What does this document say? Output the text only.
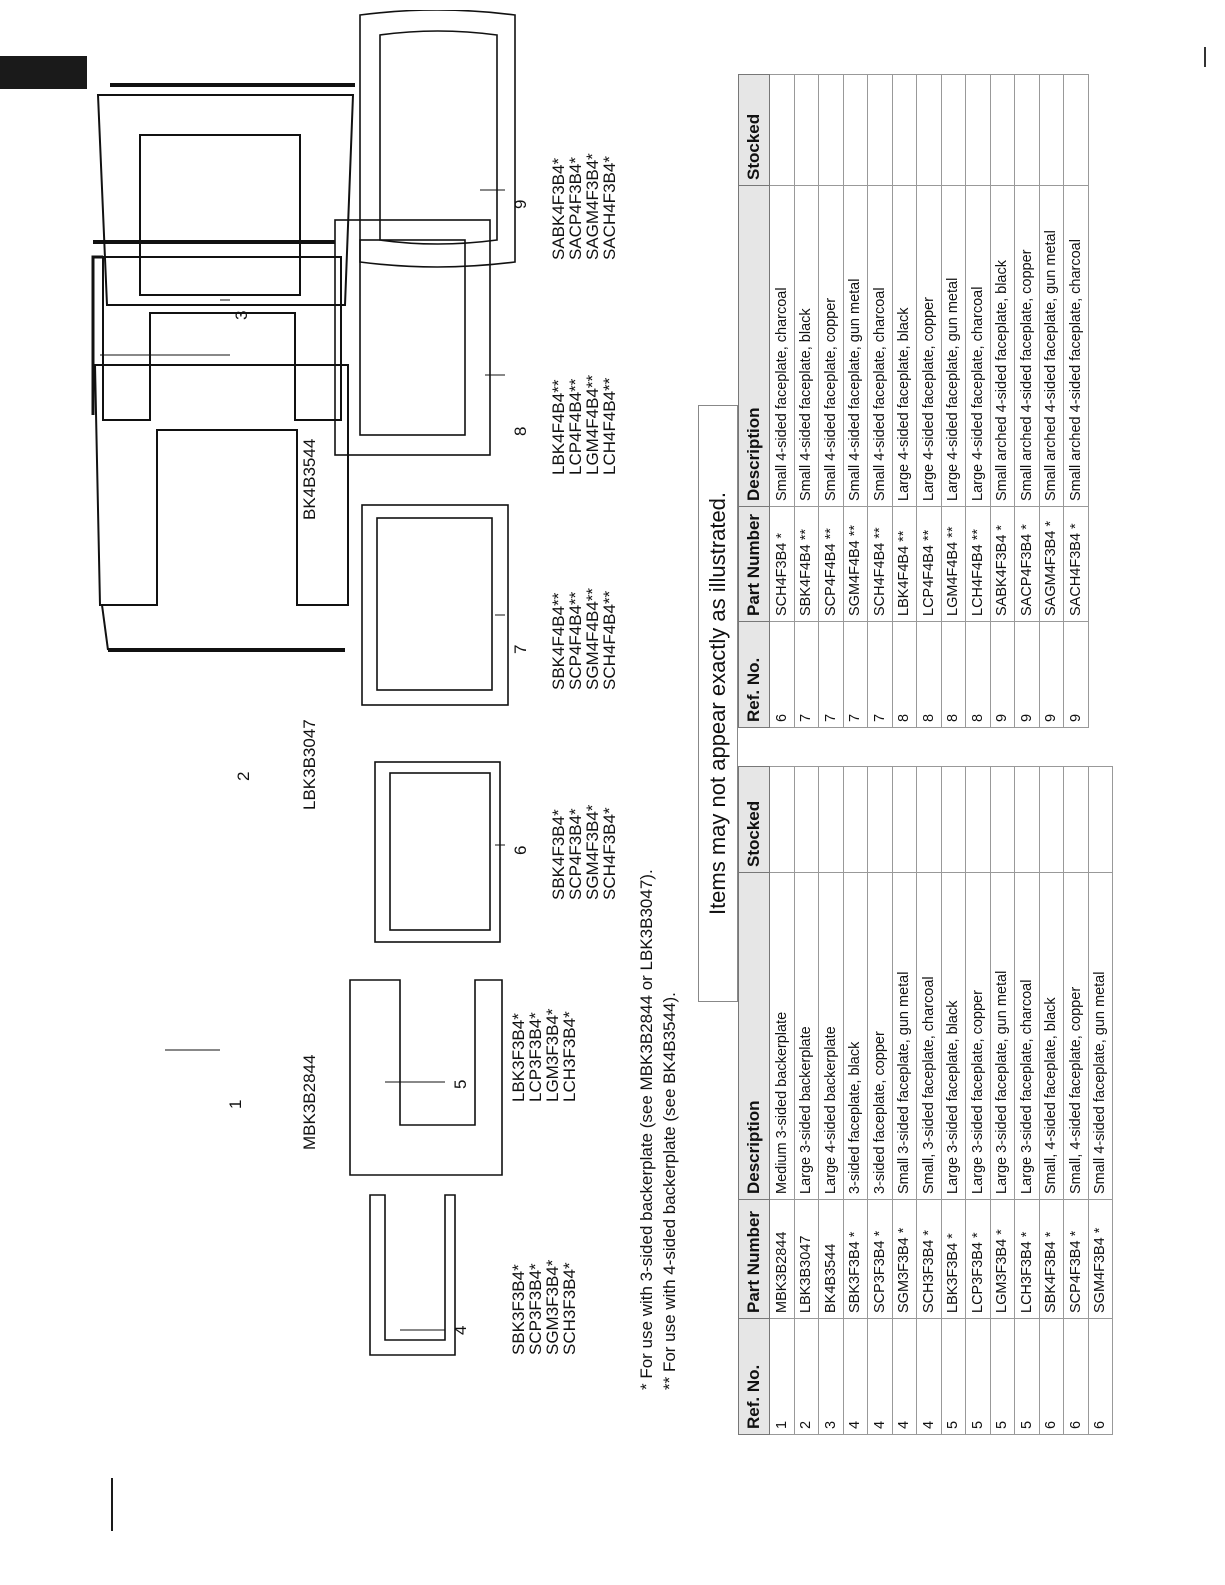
1
2
3
4
5
6
7
8
9
MBK3B2844
LBK3B3047
BK4B3544
SBK3F3B4*
SCP3F3B4*
SGM3F3B4*
SCH3F3B4*
LBK3F3B4*
LCP3F3B4*
LGM3F3B4*
LCH3F3B4*
SBK4F3B4*
SCP4F3B4*
SGM4F3B4*
SCH4F3B4*
SBK4F4B4**
SCP4F4B4**
SGM4F4B4**
SCH4F4B4**
LBK4F4B4**
LCP4F4B4**
LGM4F4B4**
LCH4F4B4**
SABK4F3B4*
SACP4F3B4*
SAGM4F3B4*
SACH4F3B4*
* For use with 3-sided backerplate (see MBK3B2844 or LBK3B3047). ** For use with 4-sided backerplate (see BK4B3544).
Items may not appear exactly as illustrated.
Ref. No.	Part Number	Description	Stocked
1	MBK3B2844	Medium 3-sided backerplate	
2	LBK3B3047	Large 3-sided backerplate	
3	BK4B3544	Large 4-sided backerplate	
4	SBK3F3B4 *	3-sided faceplate, black	
4	SCP3F3B4 *	3-sided faceplate, copper	
4	SGM3F3B4 *	Small 3-sided faceplate, gun metal	
4	SCH3F3B4 *	Small, 3-sided faceplate, charcoal	
5	LBK3F3B4 *	Large 3-sided faceplate, black	
5	LCP3F3B4 *	Large 3-sided faceplate, copper	
5	LGM3F3B4 *	Large 3-sided faceplate, gun metal	
5	LCH3F3B4 *	Large 3-sided faceplate, charcoal	
6	SBK4F3B4 *	Small, 4-sided faceplate, black	
6	SCP4F3B4 *	Small, 4-sided faceplate, copper	
6	SGM4F3B4 *	Small 4-sided faceplate, gun metal	
Ref. No.	Part Number	Description	Stocked
6	SCH4F3B4 *	Small 4-sided faceplate, charcoal	
7	SBK4F4B4 **	Small 4-sided faceplate, black	
7	SCP4F4B4 **	Small 4-sided faceplate, copper	
7	SGM4F4B4 **	Small 4-sided faceplate, gun metal	
7	SCH4F4B4 **	Small 4-sided faceplate, charcoal	
8	LBK4F4B4 **	Large 4-sided faceplate, black	
8	LCP4F4B4 **	Large 4-sided faceplate, copper	
8	LGM4F4B4 **	Large 4-sided faceplate, gun metal	
8	LCH4F4B4 **	Large 4-sided faceplate, charcoal	
9	SABK4F3B4 *	Small arched 4-sided faceplate, black	
9	SACP4F3B4 *	Small arched 4-sided faceplate, copper	
9	SAGM4F3B4 *	Small arched 4-sided faceplate, gun metal	
9	SACH4F3B4 *	Small arched 4-sided faceplate, charcoal	
